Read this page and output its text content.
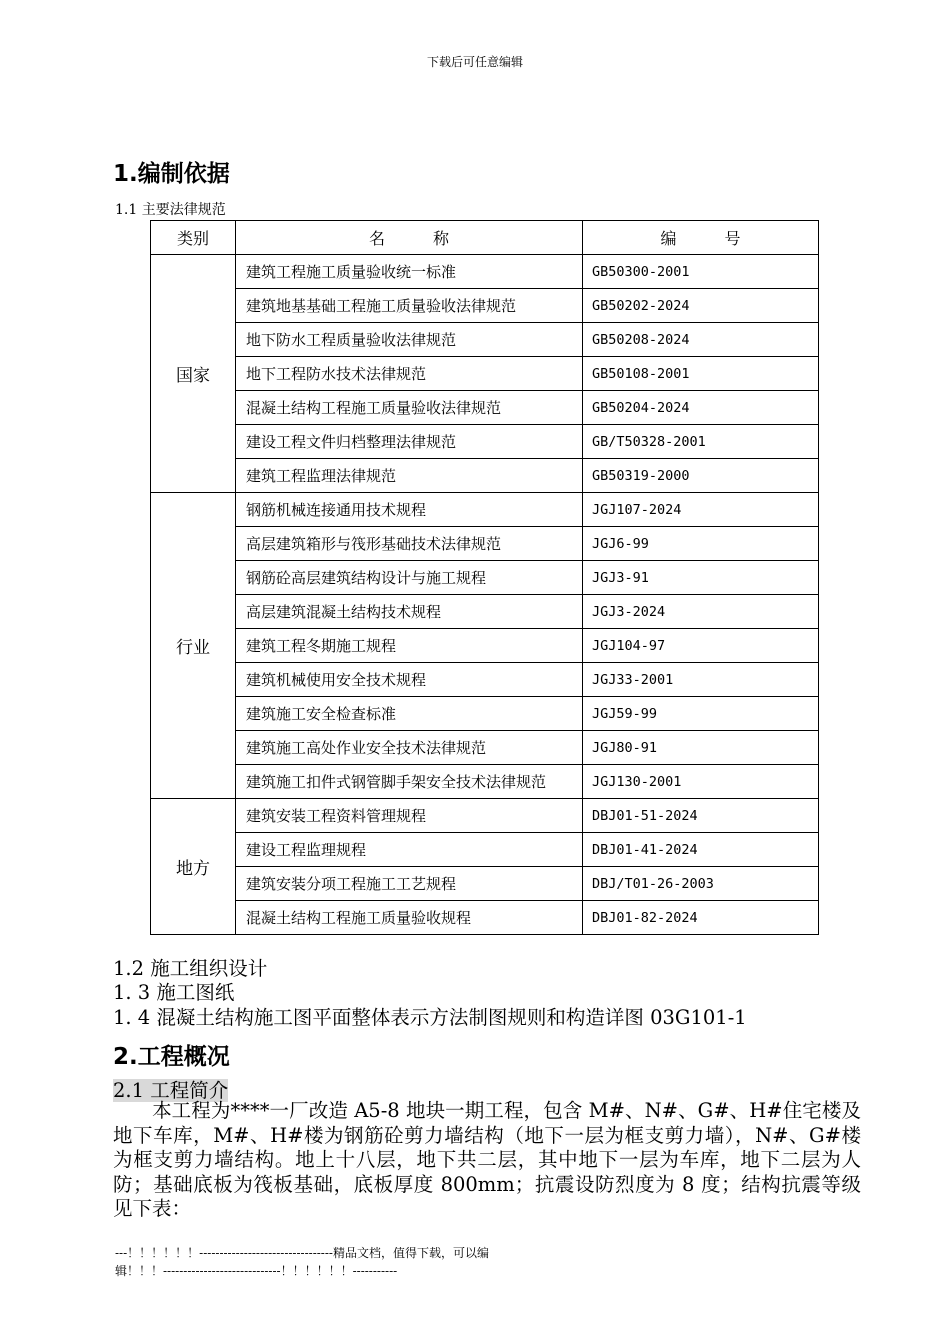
下载后可任意编辑
1.编制依据
1.1 主要法律规范
类别	名　　　称	编　　　号
国家	建筑工程施工质量验收统一标准	GB50300-2001
	建筑地基基础工程施工质量验收法律规范	GB50202-2024
	地下防水工程质量验收法律规范	GB50208-2024
	地下工程防水技术法律规范	GB50108-2001
	混凝土结构工程施工质量验收法律规范	GB50204-2024
	建设工程文件归档整理法律规范	GB/T50328-2001
	建筑工程监理法律规范	GB50319-2000
行业	钢筋机械连接通用技术规程	JGJ107-2024
	高层建筑箱形与筏形基础技术法律规范	JGJ6-99
	钢筋砼高层建筑结构设计与施工规程	JGJ3-91
	高层建筑混凝土结构技术规程	JGJ3-2024
	建筑工程冬期施工规程	JGJ104-97
	建筑机械使用安全技术规程	JGJ33-2001
	建筑施工安全检查标准	JGJ59-99
	建筑施工高处作业安全技术法律规范	JGJ80-91
	建筑施工扣件式钢管脚手架安全技术法律规范	JGJ130-2001
地方	建筑安装工程资料管理规程	DBJ01-51-2024
	建设工程监理规程	DBJ01-41-2024
	建筑安装分项工程施工工艺规程	DBJ/T01-26-2003
	混凝土结构工程施工质量验收规程	DBJ01-82-2024
1.2 施工组织设计
1. 3 施工图纸
1. 4 混凝土结构施工图平面整体表示方法制图规则和构造详图 03G101-1
2.工程概况
2.1 工程简介
本工程为****一厂改造 A5-8 地块一期工程，包含 M#、N#、G#、H#住宅楼及地下车库，M#、H#楼为钢筋砼剪力墙结构（地下一层为框支剪力墙），N#、G#楼为框支剪力墙结构。地上十八层，地下共二层，其中地下一层为车库，地下二层为人防；基础底板为筏板基础，底板厚度 800mm；抗震设防烈度为 8 度；结构抗震等级见下表：
---！！！！！！---------------------------------精品文档，值得下载，可以编
辑！！！-----------------------------！！！！！！-----------
